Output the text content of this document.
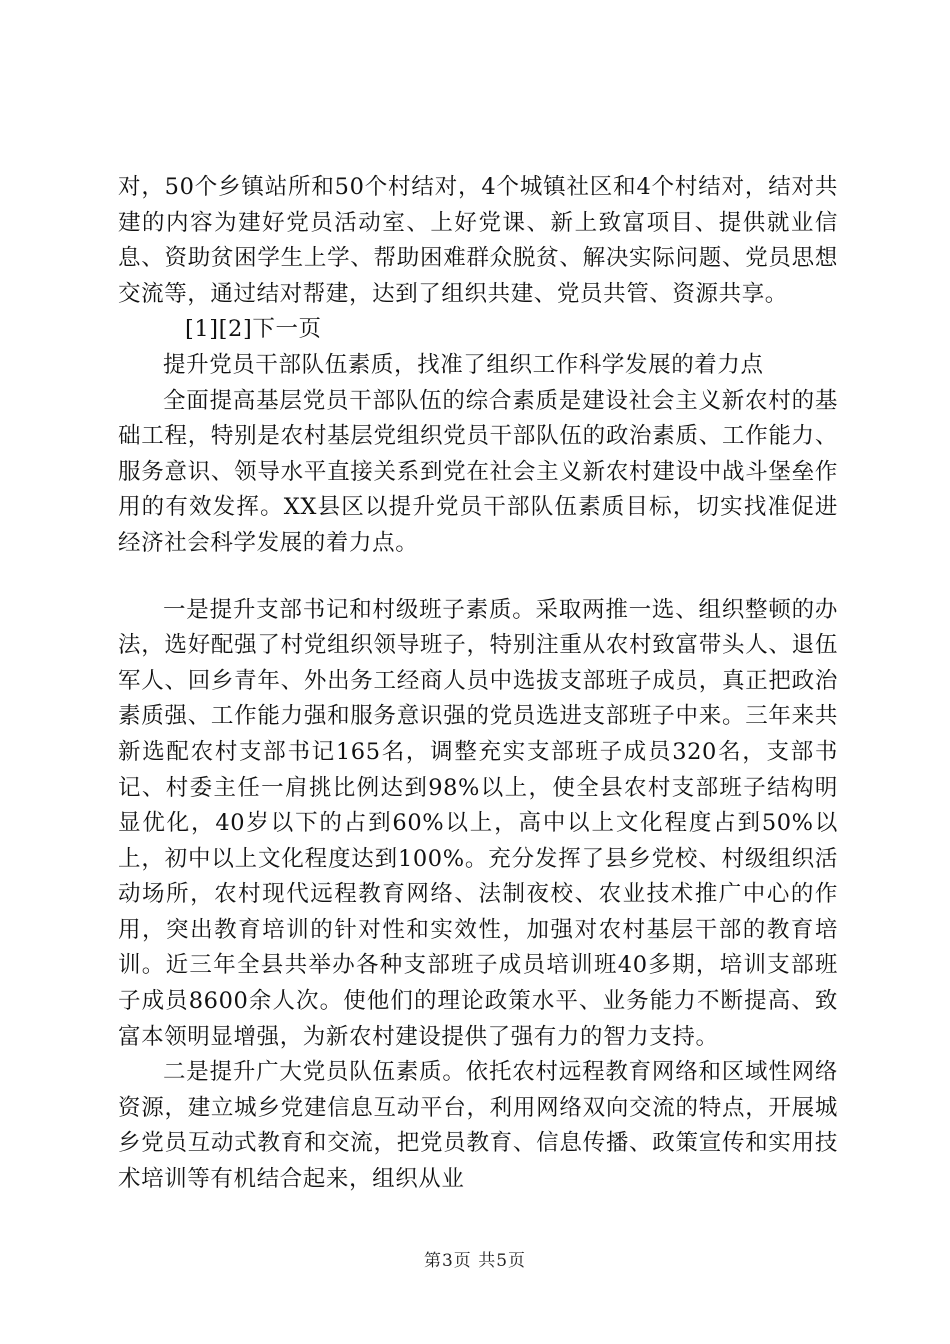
对，50个乡镇站所和50个村结对，4个城镇社区和4个村结对，结对共建的内容为建好党员活动室、上好党课、新上致富项目、提供就业信息、资助贫困学生上学、帮助困难群众脱贫、解决实际问题、党员思想交流等，通过结对帮建，达到了组织共建、党员共管、资源共享。

[1][2]下一页

提升党员干部队伍素质，找准了组织工作科学发展的着力点

全面提高基层党员干部队伍的综合素质是建设社会主义新农村的基础工程，特别是农村基层党组织党员干部队伍的政治素质、工作能力、服务意识、领导水平直接关系到党在社会主义新农村建设中战斗堡垒作用的有效发挥。XX县区以提升党员干部队伍素质目标，切实找准促进经济社会科学发展的着力点。

一是提升支部书记和村级班子素质。采取两推一选、组织整顿的办法，选好配强了村党组织领导班子，特别注重从农村致富带头人、退伍军人、回乡青年、外出务工经商人员中选拔支部班子成员，真正把政治素质强、工作能力强和服务意识强的党员选进支部班子中来。三年来共新选配农村支部书记165名，调整充实支部班子成员320名，支部书记、村委主任一肩挑比例达到98%以上，使全县农村支部班子结构明显优化，40岁以下的占到60%以上，高中以上文化程度占到50%以上，初中以上文化程度达到100%。充分发挥了县乡党校、村级组织活动场所，农村现代远程教育网络、法制夜校、农业技术推广中心的作用，突出教育培训的针对性和实效性，加强对农村基层干部的教育培训。近三年全县共举办各种支部班子成员培训班40多期，培训支部班子成员8600余人次。使他们的理论政策水平、业务能力不断提高、致富本领明显增强，为新农村建设提供了强有力的智力支持。

二是提升广大党员队伍素质。依托农村远程教育网络和区域性网络资源，建立城乡党建信息互动平台，利用网络双向交流的特点，开展城乡党员互动式教育和交流，把党员教育、信息传播、政策宣传和实用技术培训等有机结合起来，组织从业

第3页 共5页
